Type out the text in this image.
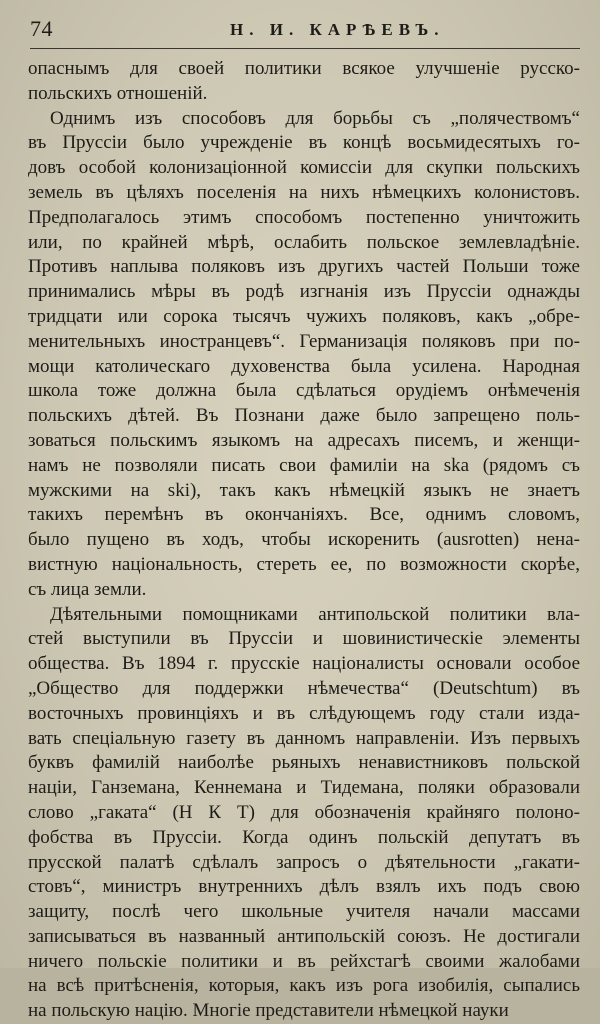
74	Н. И. КАРѢЕВЪ.
опаснымъ для своей политики всякое улучшеніе русско-
польскихъ отношеній.
Однимъ изъ способовъ для борьбы съ „полячествомъ“
въ Пруссіи было учрежденіе въ концѣ восьмидесятыхъ го-
довъ особой колонизаціонной комиссіи для скупки польскихъ
земель въ цѣляхъ поселенія на нихъ нѣмецкихъ колонистовъ.
Предполагалось этимъ способомъ постепенно уничтожить
или, по крайней мѣрѣ, ослабить польское землевладѣніе.
Противъ наплыва поляковъ изъ другихъ частей Польши тоже
принимались мѣры въ родѣ изгнанія изъ Пруссіи однажды
тридцати или сорока тысячъ чужихъ поляковъ, какъ „обре-
менительныхъ иностранцевъ“. Германизація поляковъ при по-
мощи католическаго духовенства была усилена. Народная
школа тоже должна была сдѣлаться орудіемъ онѣмеченія
польскихъ дѣтей. Въ Познани даже было запрещено поль-
зоваться польскимъ языкомъ на адресахъ писемъ, и женщи-
намъ не позволяли писать свои фамиліи на ska (рядомъ съ
мужскими на ski), такъ какъ нѣмецкій языкъ не знаетъ
такихъ перемѣнъ въ окончаніяхъ. Все, однимъ словомъ,
было пущено въ ходъ, чтобы искоренить (ausrotten) нена-
вистную національность, стереть ее, по возможности скорѣе,
съ лица земли.
Дѣятельными помощниками антипольской политики вла-
стей выступили въ Пруссіи и шовинистическіе элементы
общества. Въ 1894 г. прусскіе націоналисты основали особое
„Общество для поддержки нѣмечества“ (Deutschtum) въ
восточныхъ провинціяхъ и въ слѣдующемъ году стали изда-
вать спеціальную газету въ данномъ направленіи. Изъ первыхъ
буквъ фамилій наиболѣе рьяныхъ ненавистниковъ польской
націи, Ганземана, Кеннемана и Тидемана, поляки образовали
слово „гаката“ (Н К Т) для обозначенія крайняго полоно-
фобства въ Пруссіи. Когда одинъ польскій депутатъ въ
прусской палатѣ сдѣлалъ запросъ о дѣятельности „гакати-
стовъ“, министръ внутреннихъ дѣлъ взялъ ихъ подъ свою
защиту, послѣ чего школьные учителя начали массами
записываться въ названный антипольскій союзъ. Не достигали
ничего польскіе политики и въ рейхстагѣ своими жалобами
на всѣ притѣсненія, которыя, какъ изъ рога изобилія, сыпались
на польскую націю. Многіе представители нѣмецкой науки
